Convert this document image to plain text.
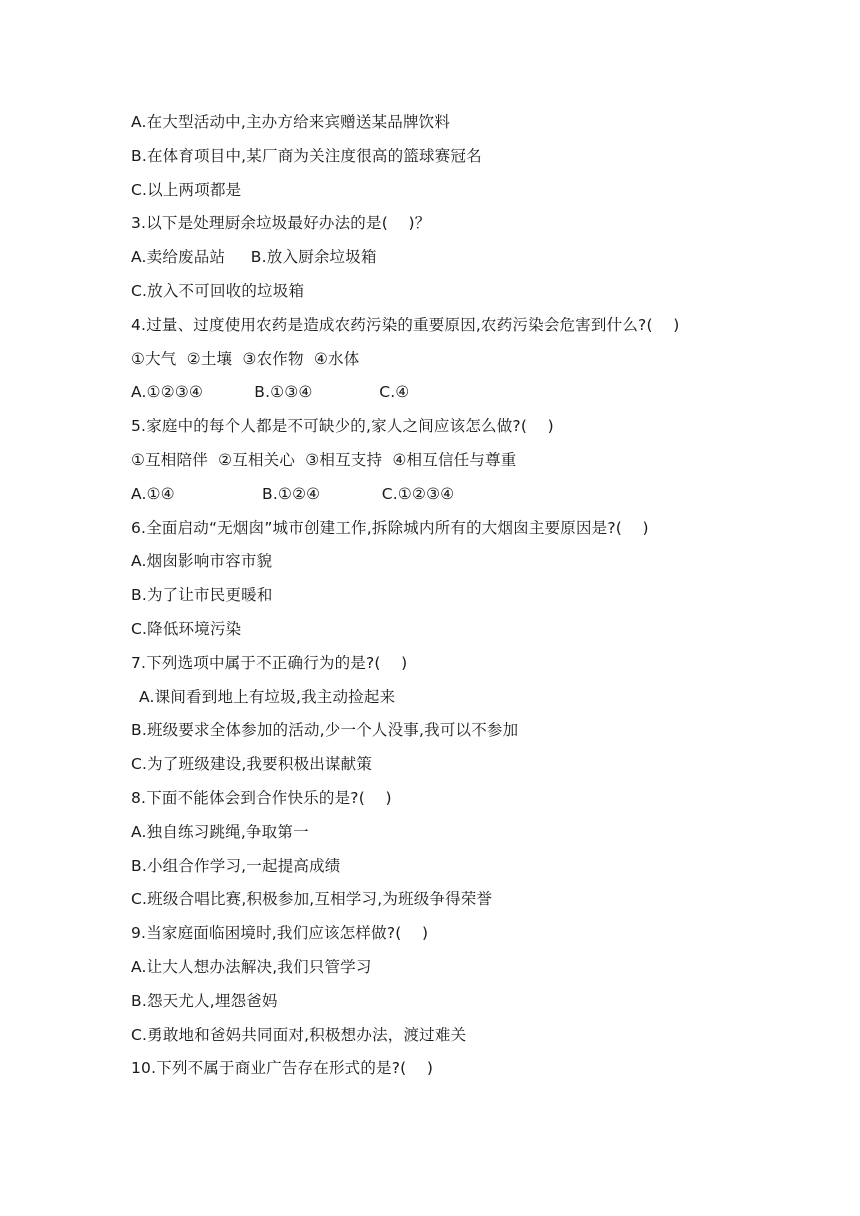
A.在大型活动中,主办方给来宾赠送某品牌饮料
B.在体育项目中,某厂商为关注度很高的篮球赛冠名
C.以上两项都是
3.以下是处理厨余垃圾最好办法的是(    )？
A.卖给废品站     B.放入厨余垃圾箱
C.放入不可回收的垃圾箱
4.过量、过度使用农药是造成农药污染的重要原因,农药污染会危害到什么?(    )
①大气  ②土壤  ③农作物  ④水体
A.①②③④          B.①③④             C.④
5.家庭中的每个人都是不可缺少的,家人之间应该怎么做?(    )
①互相陪伴  ②互相关心  ③相互支持  ④相互信任与尊重
A.①④                 B.①②④            C.①②③④
6.全面启动“无烟囱”城市创建工作,拆除城内所有的大烟囱主要原因是?(    )
A.烟囱影响市容市貌
B.为了让市民更暖和
C.降低环境污染
7.下列选项中属于不正确行为的是?(    )
A.课间看到地上有垃圾,我主动捡起来
B.班级要求全体参加的活动,少一个人没事,我可以不参加
C.为了班级建设,我要积极出谋献策
8.下面不能体会到合作快乐的是?(    )
A.独自练习跳绳,争取第一
B.小组合作学习,一起提高成绩
C.班级合唱比赛,积极参加,互相学习,为班级争得荣誉
9.当家庭面临困境时,我们应该怎样做?(    )
A.让大人想办法解决,我们只管学习
B.怨天尤人,埋怨爸妈
C.勇敢地和爸妈共同面对,积极想办法，渡过难关
10.下列不属于商业广告存在形式的是?(    )
